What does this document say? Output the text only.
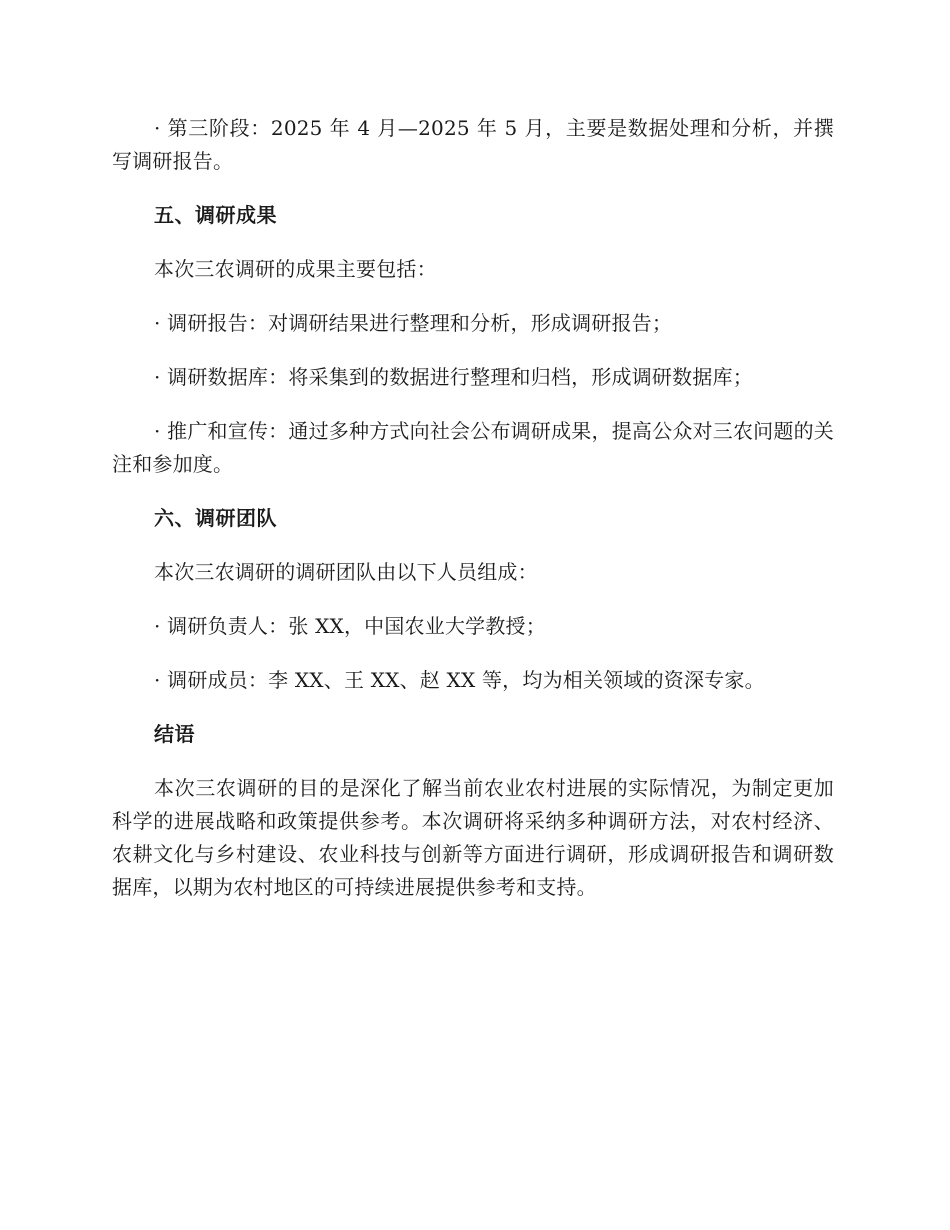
· 第三阶段：2025 年 4 月—2025 年 5 月，主要是数据处理和分析，并撰写调研报告。

五、调研成果

本次三农调研的成果主要包括：

· 调研报告：对调研结果进行整理和分析，形成调研报告；

· 调研数据库：将采集到的数据进行整理和归档，形成调研数据库；

· 推广和宣传：通过多种方式向社会公布调研成果，提高公众对三农问题的关注和参加度。

六、调研团队

本次三农调研的调研团队由以下人员组成：

· 调研负责人：张 XX，中国农业大学教授；

· 调研成员：李 XX、王 XX、赵 XX 等，均为相关领域的资深专家。

结语

本次三农调研的目的是深化了解当前农业农村进展的实际情况，为制定更加科学的进展战略和政策提供参考。本次调研将采纳多种调研方法，对农村经济、农耕文化与乡村建设、农业科技与创新等方面进行调研，形成调研报告和调研数据库，以期为农村地区的可持续进展提供参考和支持。
